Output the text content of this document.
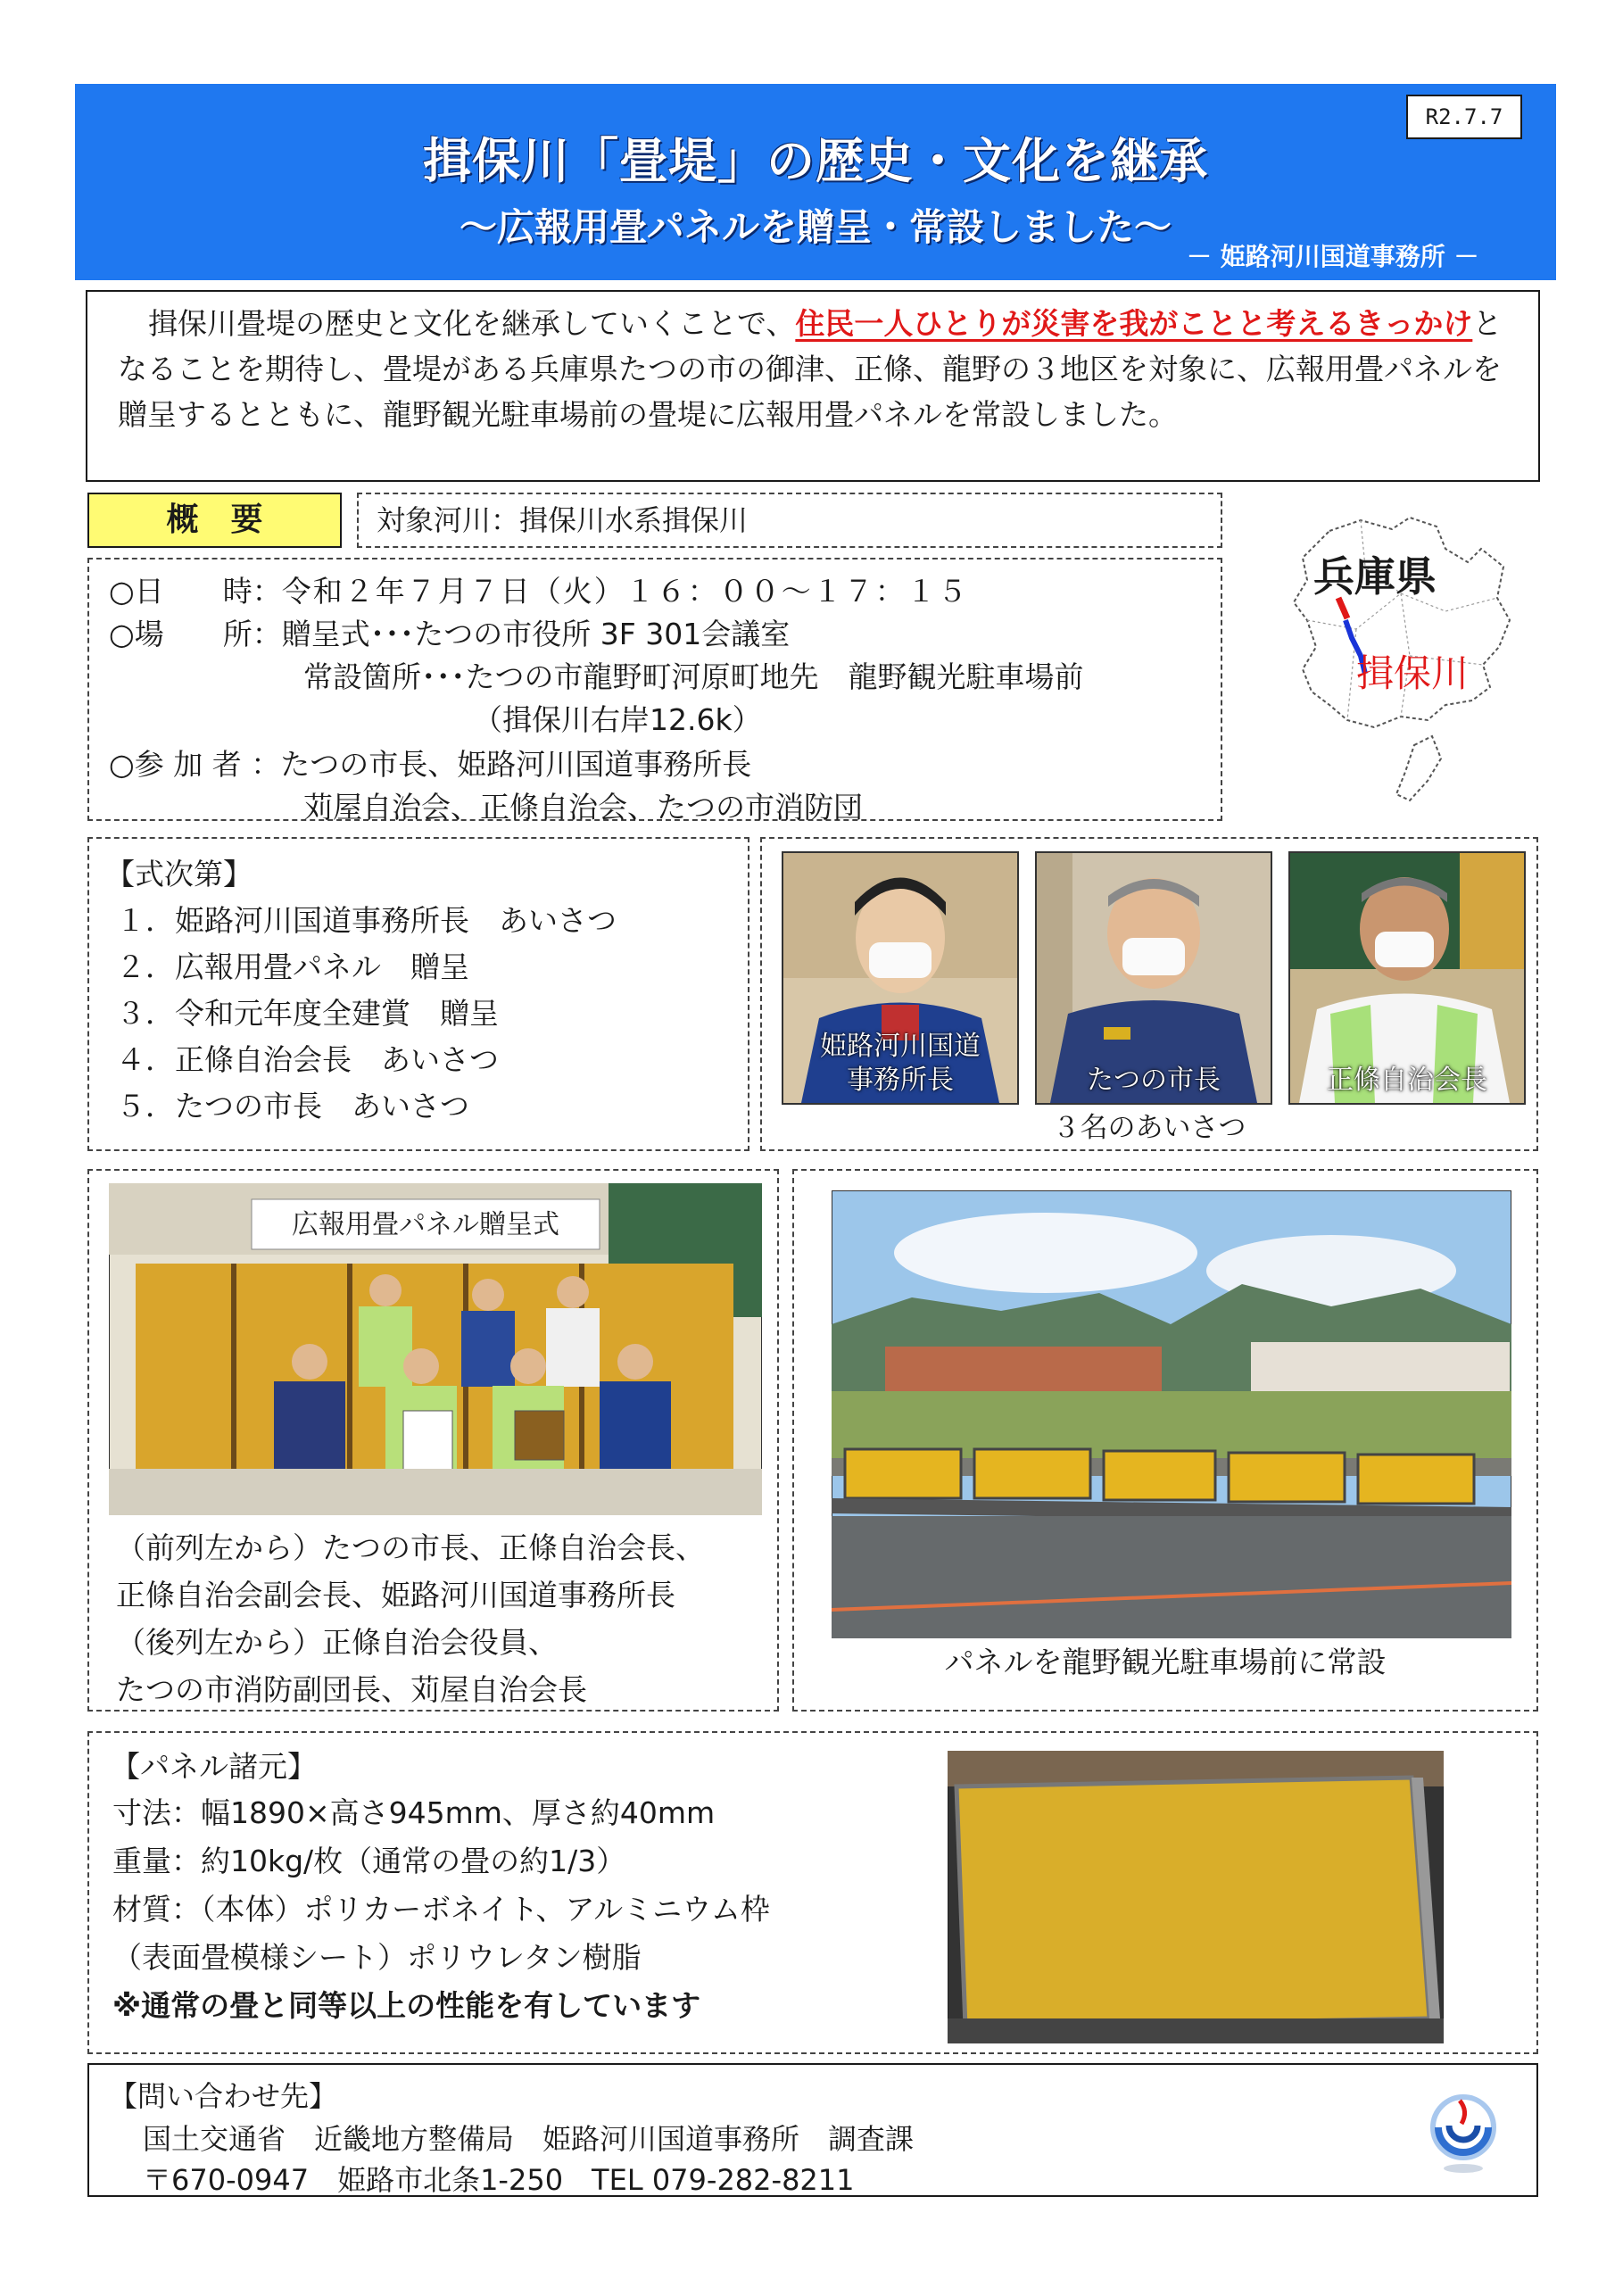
R2.7.7
揖保川「畳堤」の歴史・文化を継承
～広報用畳パネルを贈呈・常設しました～
－ 姫路河川国道事務所 －
揖保川畳堤の歴史と文化を継承していくことで、住民一人ひとりが災害を我がことと考えるきっかけとなることを期待し、畳堤がある兵庫県たつの市の御津、正條、龍野の３地区を対象に、広報用畳パネルを贈呈するとともに、龍野観光駐車場前の畳堤に広報用畳パネルを常設しました。
概要	対象河川：揖保川水系揖保川
○日　　時：令和２年７月７日（火）１６：００～１７：１５
○場　　所：贈呈式･･･たつの市役所 3F 301会議室
常設箇所･･･たつの市龍野町河原町地先　龍野観光駐車場前
（揖保川右岸12.6k）
○参 加 者 ：たつの市長、姫路河川国道事務所長
苅屋自治会、正條自治会、たつの市消防団
兵庫県
揖保川
【式次第】
１．姫路河川国道事務所長　あいさつ
２．広報用畳パネル　贈呈
３．令和元年度全建賞　贈呈
４．正條自治会長　あいさつ
５．たつの市長　あいさつ
姫路河川国道
事務所長	たつの市長	正條自治会長
３名のあいさつ
広報用畳パネル贈呈式
（前列左から）たつの市長、正條自治会長、
正條自治会副会長、姫路河川国道事務所長
（後列左から）正條自治会役員、
たつの市消防副団長、苅屋自治会長
パネルを龍野観光駐車場前に常設
【パネル諸元】
寸法：幅1890×高さ945mm、厚さ約40mm
重量：約10kg/枚（通常の畳の約1/3）
材質：（本体）ポリカーボネイト、アルミニウム枠
（表面畳模様シート）ポリウレタン樹脂
※通常の畳と同等以上の性能を有しています
【問い合わせ先】
国土交通省　近畿地方整備局　姫路河川国道事務所　調査課
〒670-0947　姫路市北条1-250　TEL 079-282-8211
